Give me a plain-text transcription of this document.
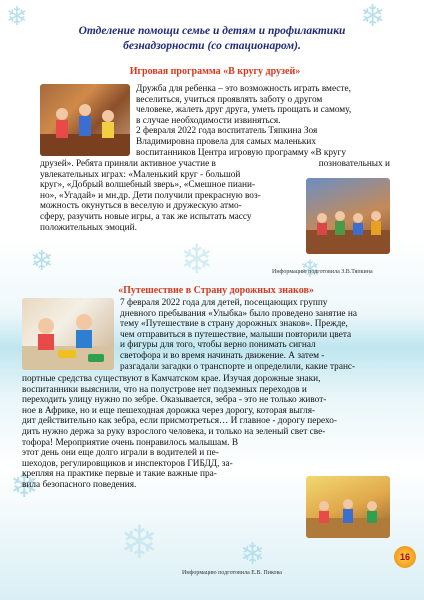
❄	❄
❄
❄	❄
❄
❄	❄
Отделение помощи семье и детям и профилактики
безнадзорности (со стационаром).
Игровая программа «В кругу друзей»
Дружба для ребенка – это возможность играть вместе,
веселиться, учиться проявлять заботу о другом
человеке, жалеть друг друга, уметь прощать и самому,
в случае необходимости извиняться.
2 февраля 2022 года воспитатель Тяпкина Зоя
Владимировна провела для самых маленьких
воспитанников Центра игровую программу «В кругу
друзей». Ребята приняли активное участие в
увлекательных играх: «Маленький круг - большой
круг», «Добрый волшебный зверь», «Смешное пиани-
но», «Угадай» и мн.др. Дети получили прекрасную воз-
можность окунуться в веселую и дружескую атмо-
сферу, разучить новые игры, а так же испытать массу
положительных эмоций.
позновательных и
Информацию подготовила З.В.Тяпкина
«Путешествие в Страну дорожных знаков»
7 февраля 2022 года для детей, посещающих группу
дневного пребывания «Улыбка» было проведено занятие на
тему «Путешествие в страну дорожных знаков». Прежде,
чем отправиться в путешествие, малыши повторили цвета
и фигуры для того, чтобы верно понимать сигнал
светофора и во время начинать движение. А затем -
разгадали загадки о транспорте и определили, какие транс-
портные средства существуют в Камчатском крае. Изучая дорожные знаки,
воспитанники выяснили, что на полустрове нет подземных переходов и
переходить улицу нужно по зебре. Оказывается, зебра - это не только живот-
ное в Африке, но и еще пешеходная дорожка через дорогу, которая выгля-
дит действительно как зебра, если присмотреться… И главное - дорогу перехо-
дить нужно держа за руку взрослого человека, и только на зеленый свет све-
тофора! Мероприятие очень понравилось малышам. В
этот день они еще долго играли в водителей и пе-
шеходов, регулировщиков и инспекторов ГИБДД, за-
крепляя на практике первые и такие важные пра-
вила безопасного поведения.
Информацию подготовила Е.В. Пикова
16
